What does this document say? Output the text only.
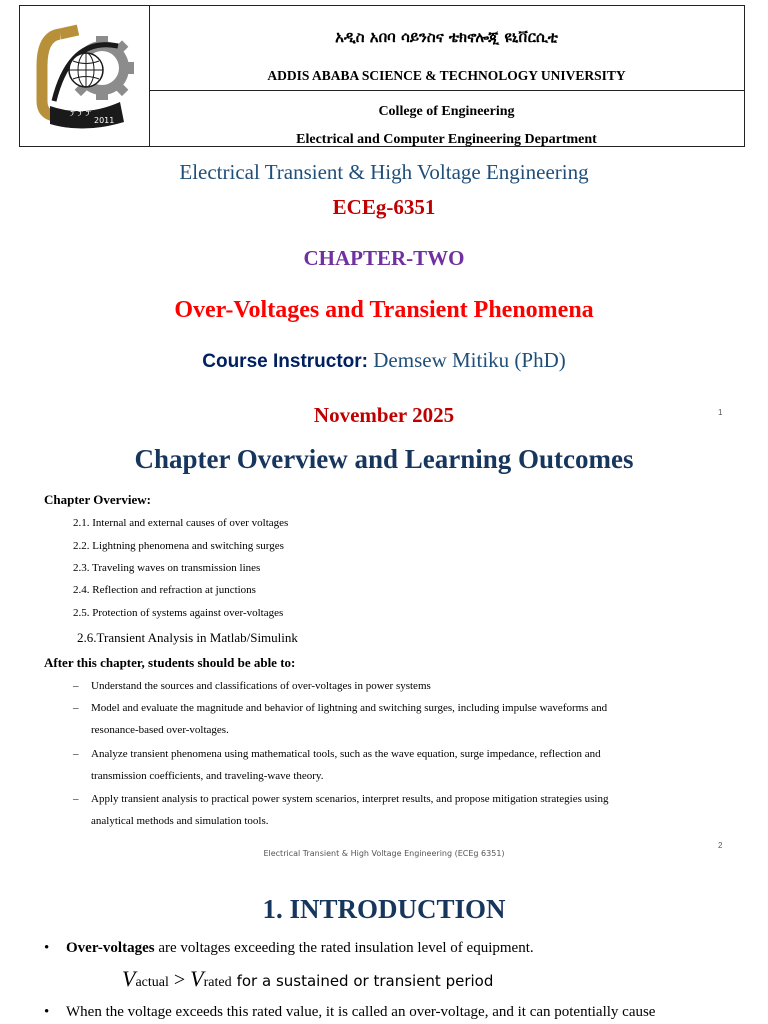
ፓ ፓ ፓ
2011
አዲስ አበባ ሳይንስና ቴክኖሎጂ ዩኒቨርሲቲ
ADDIS ABABA SCIENCE & TECHNOLOGY UNIVERSITY
College of Engineering
Electrical and Computer Engineering Department
Electrical Transient & High Voltage Engineering
ECEg-6351
CHAPTER-TWO
Over-Voltages and Transient Phenomena
Course Instructor: Demsew Mitiku (PhD)
November 2025	1
Chapter Overview and Learning Outcomes
Chapter Overview:
2.1. Internal and external causes of over voltages
2.2. Lightning phenomena and switching surges
2.3. Traveling waves on transmission lines
2.4. Reflection and refraction at junctions
2.5. Protection of systems against over-voltages
2.6.Transient Analysis in Matlab/Simulink
After this chapter, students should be able to:
– Understand the sources and classifications of over-voltages in power systems
– Model and evaluate the magnitude and behavior of lightning and switching surges, including impulse waveforms and
resonance-based over-voltages.
– Analyze transient phenomena using mathematical tools, such as the wave equation, surge impedance, reflection and
transmission coefficients, and traveling-wave theory.
– Apply transient analysis to practical power system scenarios, interpret results, and propose mitigation strategies using
analytical methods and simulation tools.
Electrical Transient & High Voltage Engineering (ECEg 6351)
2
1. INTRODUCTION
• Over-voltages are voltages exceeding the rated insulation level of equipment.
Vactual > Vrated for a sustained or transient period
• When the voltage exceeds this rated value, it is called an over-voltage, and it can potentially cause
